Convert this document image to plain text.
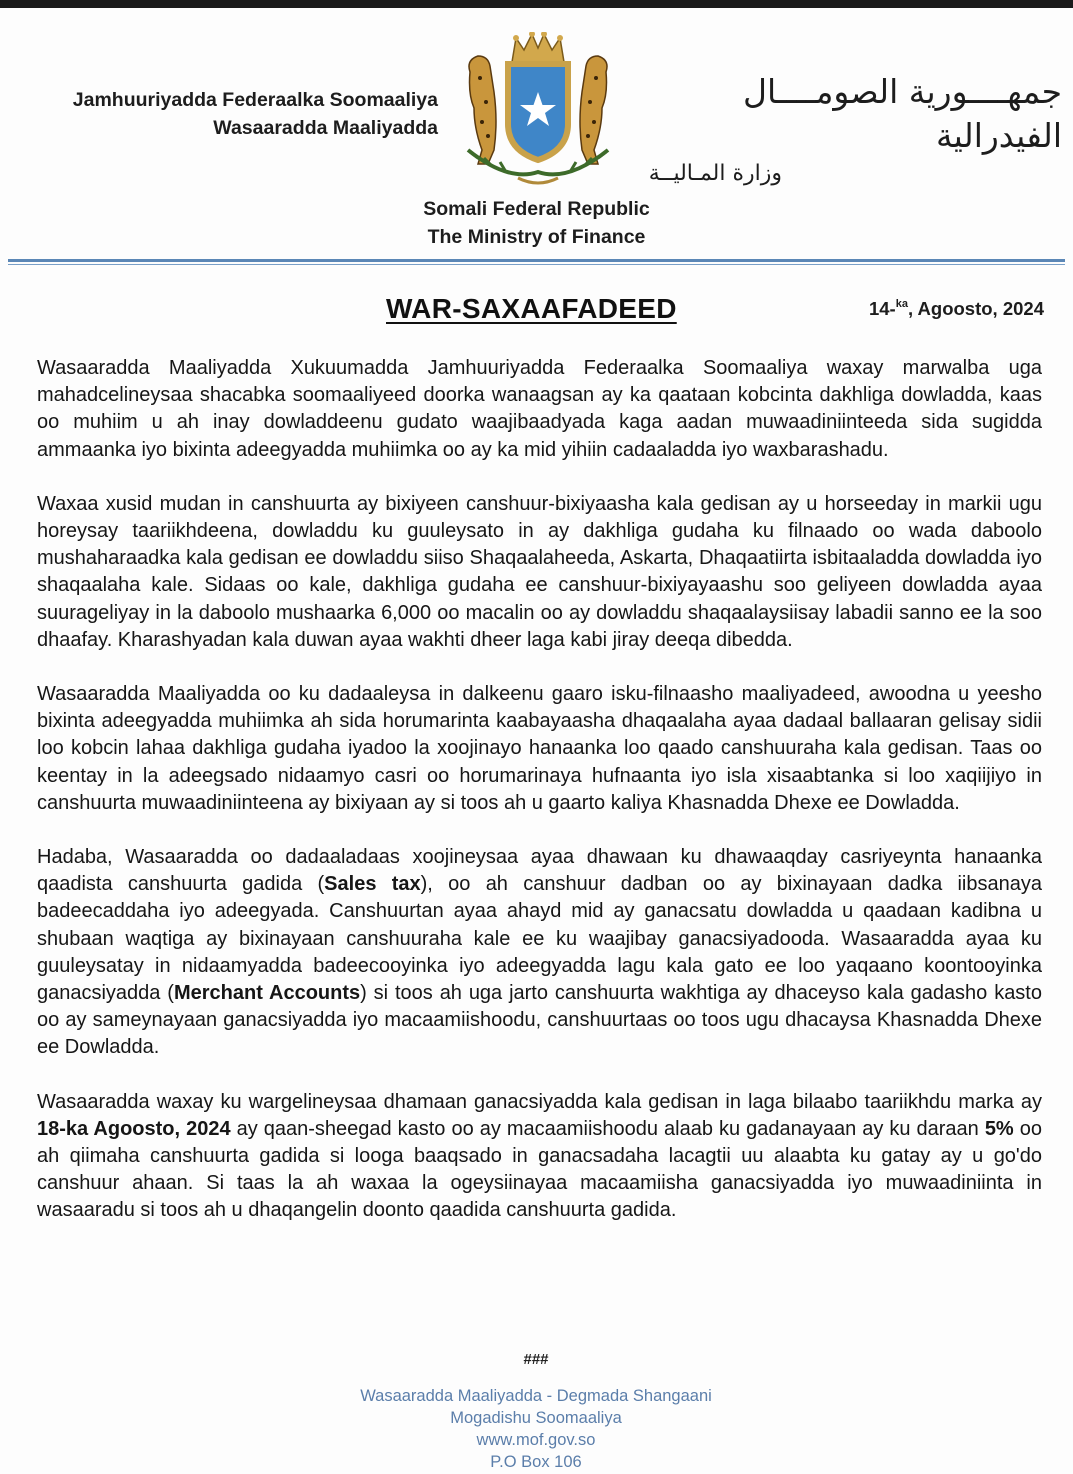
Jamhuuriyadda Federaalka Soomaaliya
Wasaaradda Maaliyadda
جمهــــورية الصومــــال الفيدرالية
وزارة المـاليــة
Somali Federal Republic
The Ministry of Finance
WAR-SAXAAFADEED	14-$^{ka}$, Agoosto, 2024

Wasaaradda Maaliyadda Xukuumadda Jamhuuriyadda Federaalka Soomaaliya waxay marwalba uga mahadcelineysaa shacabka soomaaliyeed doorka wanaagsan ay ka qaataan kobcinta dakhliga dowladda, kaas oo muhiim u ah inay dowladdeenu gudato waajibaadyada kaga aadan muwaadiniinteeda sida sugidda ammaanka iyo bixinta adeegyadda muhiimka oo ay ka mid yihiin cadaaladda iyo waxbarashadu.

Waxaa xusid mudan in canshuurta ay bixiyeen canshuur-bixiyaasha kala gedisan ay u horseeday in markii ugu horeysay taariikhdeena, dowladdu ku guuleysato in ay dakhliga gudaha ku filnaado oo wada daboolo mushaharaadka kala gedisan ee dowladdu siiso Shaqaalaheeda, Askarta, Dhaqaatiirta isbitaaladda dowladda iyo shaqaalaha kale. Sidaas oo kale, dakhliga gudaha ee canshuur-bixiyayaashu soo geliyeen dowladda ayaa suurageliyay in la daboolo mushaarka 6,000 oo macalin oo ay dowladdu shaqaalaysiisay labadii sanno ee la soo dhaafay. Kharashyadan kala duwan ayaa wakhti dheer laga kabi jiray deeqa dibedda.

Wasaaradda Maaliyadda oo ku dadaaleysa in dalkeenu gaaro isku-filnaasho maaliyadeed, awoodna u yeesho bixinta adeegyadda muhiimka ah sida horumarinta kaabayaasha dhaqaalaha ayaa dadaal ballaaran gelisay sidii loo kobcin lahaa dakhliga gudaha iyadoo la xoojinayo hanaanka loo qaado canshuuraha kala gedisan. Taas oo keentay in la adeegsado nidaamyo casri oo horumarinaya hufnaanta iyo isla xisaabtanka si loo xaqiijiyo in canshuurta muwaadiniinteena ay bixiyaan ay si toos ah u gaarto kaliya Khasnadda Dhexe ee Dowladda.

Hadaba, Wasaaradda oo dadaaladaas xoojineysaa ayaa dhawaan ku dhawaaqday casriyeynta hanaanka qaadista canshuurta gadida (Sales tax), oo ah canshuur dadban oo ay bixinayaan dadka iibsanaya badeecaddaha iyo adeegyada. Canshuurtan ayaa ahayd mid ay ganacsatu dowladda u qaadaan kadibna u shubaan waqtiga ay bixinayaan canshuuraha kale ee ku waajibay ganacsiyadooda. Wasaaradda ayaa ku guuleysatay in nidaamyadda badeecooyinka iyo adeegyadda lagu kala gato ee loo yaqaano koontooyinka ganacsiyadda (Merchant Accounts) si toos ah uga jarto canshuurta wakhtiga ay dhaceyso kala gadasho kasto oo ay sameynayaan ganacsiyadda iyo macaamiishoodu, canshuurtaas oo toos ugu dhacaysa Khasnadda Dhexe ee Dowladda.

Wasaaradda waxay ku wargelineysaa dhamaan ganacsiyadda kala gedisan in laga bilaabo taariikhdu marka ay 18-ka Agoosto, 2024 ay qaan-sheegad kasto oo ay macaamiishoodu alaab ku gadanayaan ay ku daraan 5% oo ah qiimaha canshuurta gadida si looga baaqsado in ganacsadaha lacagtii uu alaabta ku gatay ay u go'do canshuur ahaan. Si taas la ah waxaa la ogeysiinayaa macaamiisha ganacsiyadda iyo muwaadiniinta in wasaaradu si toos ah u dhaqangelin doonto qaadida canshuurta gadida.

###
Wasaaradda Maaliyadda - Degmada Shangaani
Mogadishu Soomaaliya
www.mof.gov.so
P.O Box 106
